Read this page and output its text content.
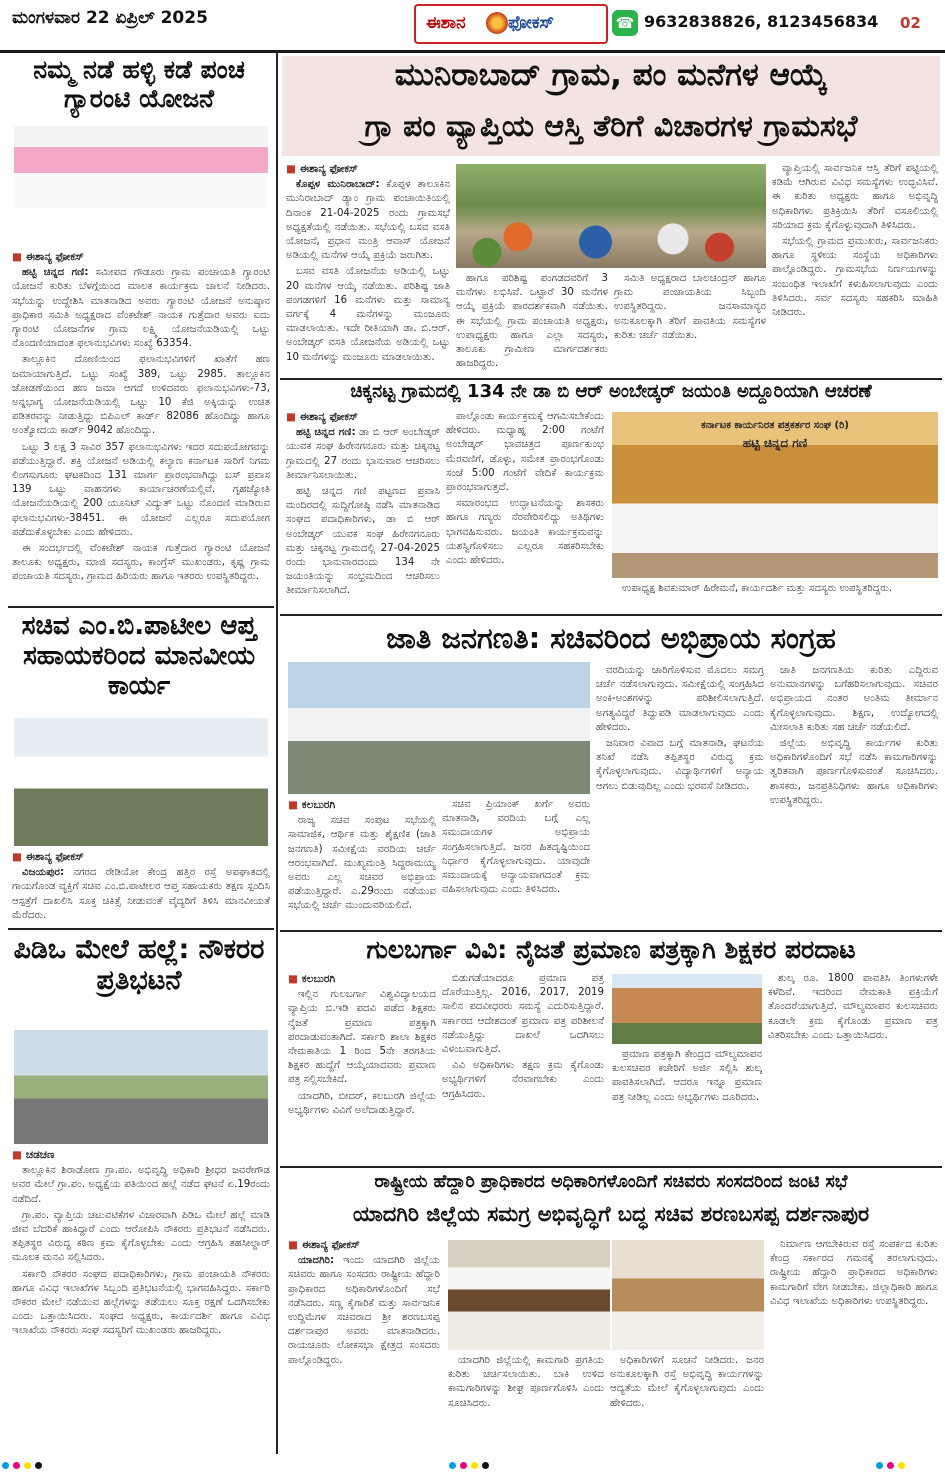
ಮಂಗಳವಾರ 22 ಏಪ್ರಿಲ್ 2025	ಈಶಾನ ಫೋಕಸ್	☎ 9632838826, 8123456834 02
ನಮ್ಮ ನಡೆ ಹಳ್ಳಿ ಕಡೆ ಪಂಚ ಗ್ಯಾರಂಟಿ ಯೋಜನೆ
■ ಈಶಾನ್ಯ ಫೋಕಸ್

ಹಟ್ಟಿ ಚಿನ್ನದ ಗಣಿ: ಸಮೀಪದ ಗೌಡೂರು ಗ್ರಾಮ ಪಂಚಾಯತಿ ಗ್ಯಾರಂಟಿ ಯೋಜನೆ ಕುರಿತು ಬೆಳಗ್ಗೆಯಿಂದ ಮಾಲಕ ಕಾರ್ಯಕ್ರಮ ಚಾಲನೆ ನೀಡಿದರು. ಸಭೆಯನ್ನು ಉದ್ದೇಶಿಸಿ ಮಾತನಾಡಿದ ಅವರು ಗ್ಯಾರಂಟಿ ಯೋಜನೆ ಅನುಷ್ಠಾನ ಪ್ರಾಧಿಕಾರ ಸಮಿತಿ ಅಧ್ಯಕ್ಷರಾದ ವೆಂಕಟೇಶ್ ನಾಯಕ ಗುತ್ತೆದಾರ ಅವರು ಐದು ಗ್ಯಾರಂಟಿ ಯೋಜನೆಗಳ ಗ್ರಾಮ ಲಕ್ಷ್ಮಿ ಯೋಜನೆಯಡಿಯಲ್ಲಿ ಒಟ್ಟು ನೊಂದಣಿಯಾದಂತ ಫಲಾನುಭವಿಗಳು ಸಂಖ್ಯೆ 63354.

ತಾಲ್ಲೂಕಿನ ದೋಣಿಯಿಂದ ಫಲಾನುಭವಿಗಳಿಗೆ ಖಾತೆಗೆ ಹಣ ಜಮಾಯಾಗುತ್ತಿದೆ. ಒಟ್ಟು ಸಂಖ್ಯೆ 389, ಒಟ್ಟು 2985. ತಾಲ್ಲೂಕಿನ ಜೋಡಣೆಯಿಂದ ಹಣ ಜಮಾ ಆಗದೆ ಉಳಿದವರು ಫಲಾನುಭವಿಗಳು-73, ಅನ್ನಭಾಗ್ಯ ಯೋಜನೆಯಡಿಯಲ್ಲಿ ಒಟ್ಟು 10 ಕೆಜಿ ಅಕ್ಕಿಯನ್ನು ಉಚಿತ ಪಡಿತರವನ್ನು ನೀಡುತ್ತಿದ್ದು ಬಿಪಿಎಲ್ ಕಾರ್ಡ್ 82086 ಹೊಂದಿದ್ದು ಹಾಗೂ ಅಂತ್ಯೋದಯ ಕಾರ್ಡ್ 9042 ಹೊಂದಿದ್ದು.

ಒಟ್ಟು 3 ಲಕ್ಷ 3 ಸಾವಿರ 357 ಫಲಾನುಭವಿಗಳು ಇದರ ಸದುಪಯೋಗವನ್ನು ಪಡೆಯುತ್ತಿದ್ದಾರೆ. ಶಕ್ತಿ ಯೋಜನೆ ಅಡಿಯಲ್ಲಿ ಕಲ್ಯಾಣ ಕರ್ನಾಟಕ ಸಾರಿಗೆ ನಿಗಮ ಲಿಂಗಸುಗೂರು ಘಟಕದಿಂದ 131 ಮಾರ್ಗ ಪ್ರಾರಂಭವಾಗಿದ್ದು ಬಸ್ ಪ್ರವಾಸ 139 ಒಟ್ಟು ವಾಹನಗಳು ಕಾರ್ಯಾಚರಣೆಯಲ್ಲಿವೆ. ಗೃಹಜ್ಯೋತಿ ಯೋಜನೆಯಡಿಯಲ್ಲಿ 200 ಯೂನಿಟ್ ವಿದ್ಯುತ್ ಒಟ್ಟು ನೊಂದಣಿ ಮಾಡಿರುವ ಫಲಾನುಭವಿಗಳು-38451. ಈ ಯೋಜನೆ ಎಲ್ಲರೂ ಸದುಪಯೋಗ ಪಡೆದುಕೊಳ್ಳಬೇಕು ಎಂದು ಹೇಳಿದರು.

ಈ ಸಂದರ್ಭದಲ್ಲಿ ವೆಂಕಟೇಶ್ ನಾಯಕ ಗುತ್ತೆದಾರ ಗ್ಯಾರಂಟಿ ಯೋಜನೆ ತಾಲೂಕು ಅಧ್ಯಕ್ಷರು, ಮಾಜಿ ಸದಸ್ಯರು, ಕಾಂಗ್ರೆಸ್ ಮುಖಂಡರು, ಕೃಷ್ಣ ಗ್ರಾಮ ಪಂಚಾಯತಿ ಸದಸ್ಯರು, ಗ್ರಾಮದ ಹಿರಿಯರು ಹಾಗೂ ಇತರರು ಉಪಸ್ಥಿತರಿದ್ದರು.

ಸಚಿವ ಎಂ.ಬಿ.ಪಾಟೀಲ ಆಪ್ತ ಸಹಾಯಕರಿಂದ ಮಾನವೀಯ ಕಾರ್ಯ
■ ಈಶಾನ್ಯ ಫೋಕಸ್

ವಿಜಯಪುರ: ನಗರದ ರೇಡಿಯೋ ಕೇಂದ್ರ ಹತ್ತಿರ ರಸ್ತೆ ಅಪಘಾತದಲ್ಲಿ ಗಾಯಗೊಂಡ ವ್ಯಕ್ತಿಗೆ ಸಚಿವ ಎಂ.ಬಿ.ಪಾಟೀಲರ ಆಪ್ತ ಸಹಾಯಕರು ತಕ್ಷಣ ಸ್ಪಂದಿಸಿ ಆಸ್ಪತ್ರೆಗೆ ದಾಖಲಿಸಿ ಸೂಕ್ತ ಚಿಕಿತ್ಸೆ ನೀಡುವಂತೆ ವೈದ್ಯರಿಗೆ ತಿಳಿಸಿ ಮಾನವೀಯತೆ ಮೆರೆದರು.

ಪಿಡಿಒ ಮೇಲೆ ಹಲ್ಲೆ: ನೌಕರರ ಪ್ರತಿಭಟನೆ
■ ಚಡಚಣ

ತಾಲ್ಲೂಕಿನ ಶಿರಾಡೋಣ ಗ್ರಾ.ಪಂ. ಅಭಿವೃದ್ಧಿ ಅಧಿಕಾರಿ ಶ್ರೀಧರ ಜವರೇಗೌಡ ಅವರ ಮೇಲೆ ಗ್ರಾ.ಪಂ. ಅಧ್ಯಕ್ಷೆಯ ಪತಿಯಿಂದ ಹಲ್ಲೆ ನಡೆದ ಘಟನೆ ಏ.19ರಂದು ನಡೆದಿದೆ.

ಗ್ರಾ.ಪಂ. ವ್ಯಾಪ್ತಿಯ ಚಟುವಟಿಕೆಗಳ ವಿಚಾರವಾಗಿ ಪಿಡಿಒ ಮೇಲೆ ಹಲ್ಲೆ ಮಾಡಿ ಜೀವ ಬೆದರಿಕೆ ಹಾಕಿದ್ದಾರೆ ಎಂದು ಆರೋಪಿಸಿ ನೌಕರರು ಪ್ರತಿಭಟನೆ ನಡೆಸಿದರು. ತಪ್ಪಿತಸ್ಥರ ವಿರುದ್ಧ ಕಠಿಣ ಕ್ರಮ ಕೈಗೊಳ್ಳಬೇಕು ಎಂದು ಆಗ್ರಹಿಸಿ ತಹಸೀಲ್ದಾರ್ ಮೂಲಕ ಮನವಿ ಸಲ್ಲಿಸಿದರು.

ಸರ್ಕಾರಿ ನೌಕರರ ಸಂಘದ ಪದಾಧಿಕಾರಿಗಳು, ಗ್ರಾಮ ಪಂಚಾಯತಿ ನೌಕರರು ಹಾಗೂ ವಿವಿಧ ಇಲಾಖೆಗಳ ಸಿಬ್ಬಂದಿ ಪ್ರತಿಭಟನೆಯಲ್ಲಿ ಭಾಗವಹಿಸಿದ್ದರು. ಸರ್ಕಾರಿ ನೌಕರರ ಮೇಲೆ ನಡೆಯುವ ಹಲ್ಲೆಗಳನ್ನು ತಡೆಯಲು ಸೂಕ್ತ ರಕ್ಷಣೆ ಒದಗಿಸಬೇಕು ಎಂದು ಒತ್ತಾಯಿಸಿದರು. ಸಂಘದ ಅಧ್ಯಕ್ಷರು, ಕಾರ್ಯದರ್ಶಿ ಹಾಗೂ ವಿವಿಧ ಇಲಾಖೆಯ ನೌಕರರು ಸಂಘ ಸದಸ್ಯರಿಗೆ ಮುಖಂಡರು ಹಾಜರಿದ್ದರು.

ಮುನಿರಾಬಾದ್ ಗ್ರಾಮ, ಪಂ ಮನೆಗಳ ಆಯ್ಕೆ
ಗ್ರಾ ಪಂ ವ್ಯಾಪ್ತಿಯ ಆಸ್ತಿ ತೆರಿಗೆ ವಿಚಾರಗಳ ಗ್ರಾಮಸಭೆ
■ ಈಶಾನ್ಯ ಫೋಕಸ್

ಕೊಪ್ಪಳ ಮುನಿರಾಬಾದ್: ಕೊಪ್ಪಳ ತಾಲೂಕಿನ ಮುನಿರಾಬಾದ್ ಡ್ಯಾಂ ಗ್ರಾಮ ಪಂಚಾಯಿತಿಯಲ್ಲಿ ದಿನಾಂಕ 21-04-2025 ರಂದು ಗ್ರಾಮಸಭೆ ಅಧ್ಯಕ್ಷತೆಯಲ್ಲಿ ನಡೆಯಿತು. ಸಭೆಯಲ್ಲಿ ಬಸವ ವಸತಿ ಯೋಜನೆ, ಪ್ರಧಾನ ಮಂತ್ರಿ ಆವಾಸ್ ಯೋಜನೆ ಅಡಿಯಲ್ಲಿ ಮನೆಗಳ ಆಯ್ಕೆ ಪ್ರಕ್ರಿಯೆ ಜರುಗಿತು.

ಬಸವ ವಸತಿ ಯೋಜನೆಯ ಅಡಿಯಲ್ಲಿ ಒಟ್ಟು 20 ಮನೆಗಳ ಆಯ್ಕೆ ನಡೆಯಿತು. ಪರಿಶಿಷ್ಟ ಜಾತಿ ಪಂಗಡಗಳಿಗೆ 16 ಮನೆಗಳು ಮತ್ತು ಸಾಮಾನ್ಯ ವರ್ಗಕ್ಕೆ 4 ಮನೆಗಳನ್ನು ಮಂಜೂರು ಮಾಡಲಾಯಿತು. ಇದೇ ರೀತಿಯಾಗಿ ಡಾ. ಬಿ.ಆರ್. ಅಂಬೇಡ್ಕರ್ ವಸತಿ ಯೋಜನೆಯ ಅಡಿಯಲ್ಲಿ ಒಟ್ಟು 10 ಮನೆಗಳನ್ನು ಮಂಜೂರು ಮಾಡಲಾಯಿತು.

ಹಾಗೂ ಪರಿಶಿಷ್ಟ ಪಂಗಡದವರಿಗೆ 3 ಮನೆಗಳು ಲಭಿಸಿವೆ. ಒಟ್ಟಾರೆ 30 ಮನೆಗಳ ಆಯ್ಕೆ ಪ್ರಕ್ರಿಯೆ ಪಾರದರ್ಶಕವಾಗಿ ನಡೆಯಿತು. ಈ ಸಭೆಯಲ್ಲಿ ಗ್ರಾಮ ಪಂಚಾಯತಿ ಅಧ್ಯಕ್ಷರು, ಉಪಾಧ್ಯಕ್ಷರು ಹಾಗೂ ಎಲ್ಲಾ ಸದಸ್ಯರು, ತಾಲೂಕು ಗ್ರಾಮೀಣ ಮಾರ್ಗದರ್ಶಕರು ಹಾಜರಿದ್ದರು.

ಸಮಿತಿ ಅಧ್ಯಕ್ಷರಾದ ಬಾಲಚಂದ್ರನ್ ಹಾಗೂ ಗ್ರಾಮ ಪಂಚಾಯತಿಯ ಸಿಬ್ಬಂದಿ ಉಪಸ್ಥಿತರಿದ್ದರು. ಜನಸಾಮಾನ್ಯರ ಅನುಕೂಲಕ್ಕಾಗಿ ತೆರಿಗೆ ಪಾವತಿಯ ಸಮಸ್ಯೆಗಳ ಕುರಿತು ಚರ್ಚೆ ನಡೆಯಿತು.

ವ್ಯಾಪ್ತಿಯಲ್ಲಿ ಸಾರ್ವಜನಿಕ ಆಸ್ತಿ ತೆರಿಗೆ ಪಟ್ಟಿಯಲ್ಲಿ ಕಡಿಮೆ ಆಗಿರುವ ವಿವಿಧ ಸಮಸ್ಯೆಗಳು ಉದ್ಭವಿಸಿವೆ. ಈ ಕುರಿತು ಅಧ್ಯಕ್ಷರು ಹಾಗೂ ಅಭಿವೃದ್ಧಿ ಅಧಿಕಾರಿಗಳು ಪ್ರತಿಕ್ರಿಯಿಸಿ ತೆರಿಗೆ ವಸೂಲಿಯಲ್ಲಿ ಸರಿಯಾದ ಕ್ರಮ ಕೈಗೊಳ್ಳುವುದಾಗಿ ತಿಳಿಸಿದರು.

ಸಭೆಯಲ್ಲಿ ಗ್ರಾಮದ ಪ್ರಮುಖರು, ಸಾರ್ವಜನಿಕರು ಹಾಗೂ ಸ್ಥಳೀಯ ಸಂಸ್ಥೆಯ ಅಧಿಕಾರಿಗಳು ಪಾಲ್ಗೊಂಡಿದ್ದರು. ಗ್ರಾಮಸಭೆಯ ನಿರ್ಣಯಗಳನ್ನು ಸಂಬಂಧಿತ ಇಲಾಖೆಗೆ ಕಳುಹಿಸಲಾಗುವುದು ಎಂದು ತಿಳಿಸಿದರು. ಸರ್ವ ಸದಸ್ಯರು ಸಹಕರಿಸಿ ಮಾಹಿತಿ ನೀಡಿದರು.

ಚಿಕ್ಕನಟ್ಟ ಗ್ರಾಮದಲ್ಲಿ 134 ನೇ ಡಾ ಬಿ ಆರ್ ಅಂಬೇಡ್ಕರ್ ಜಯಂತಿ ಅದ್ದೂರಿಯಾಗಿ ಆಚರಣೆ
■ ಈಶಾನ್ಯ ಫೋಕಸ್

ಹಟ್ಟಿ ಚಿನ್ನದ ಗಣಿ: ಡಾ ಬಿ ಆರ್ ಅಂಬೇಡ್ಕರ್ ಯುವಕ ಸಂಘ ಹಿರೇನಗನೂರು ಮತ್ತು ಚಿಕ್ಕನಟ್ಟ ಗ್ರಾಮದಲ್ಲಿ 27 ರಂದು ಭಾನುವಾರ ಆಚರಿಸಲು ತೀರ್ಮಾನಿಸಲಾಯಿತು.

ಹಟ್ಟಿ ಚಿನ್ನದ ಗಣಿ ಪಟ್ಟಣದ ಪ್ರವಾಸಿ ಮಂದಿರದಲ್ಲಿ ಸುದ್ದಿಗೋಷ್ಠಿ ನಡೆಸಿ ಮಾತನಾಡಿದ ಸಂಘದ ಪದಾಧಿಕಾರಿಗಳು, ಡಾ ಬಿ ಆರ್ ಅಂಬೇಡ್ಕರ್ ಯುವಕ ಸಂಘ ಹಿರೇನಗನೂರು ಮತ್ತು ಚಿಕ್ಕನಟ್ಟ ಗ್ರಾಮದಲ್ಲಿ 27-04-2025 ರಂದು ಭಾನುವಾರದಂದು 134 ನೇ ಜಯಂತಿಯನ್ನು ಸಂಭ್ರಮದಿಂದ ಆಚರಿಸಲು ತೀರ್ಮಾನಿಸಲಾಗಿದೆ.

ಪಾಲ್ಗೊಂಡು ಕಾರ್ಯಕ್ರಮಕ್ಕೆ ಆಗಮಿಸಬೇಕೆಂದು ಹೇಳಿದರು. ಮಧ್ಯಾಹ್ನ 2:00 ಗಂಟೆಗೆ ಅಂಬೇಡ್ಕರ್ ಭಾವಚಿತ್ರದ ಪೂರ್ಣಕುಂಭ ಮೆರವಣಿಗೆ, ಡೊಳ್ಳು, ಸಮೇತ ಪ್ರಾರಂಭಗೊಂಡು ಸಂಜೆ 5:00 ಗಂಟೆಗೆ ವೇದಿಕೆ ಕಾರ್ಯಕ್ರಮ ಪ್ರಾರಂಭವಾಗುತ್ತದೆ.

ಸಮಾರಂಭದ ಉದ್ಘಾಟನೆಯನ್ನು ಶಾಸಕರು ಹಾಗೂ ಗಣ್ಯರು ನೆರವೇರಿಸಲಿದ್ದು ಅತಿಥಿಗಳು ಭಾಗವಹಿಸುವರು. ಜಯಂತಿ ಕಾರ್ಯಕ್ರಮವನ್ನು ಯಶಸ್ವಿಗೊಳಿಸಲು ಎಲ್ಲರೂ ಸಹಕರಿಸಬೇಕು ಎಂದು ಹೇಳಿದರು.

ಕರ್ನಾಟಕ ಕಾರ್ಯನಿರತ ಪತ್ರಕರ್ತರ ಸಂಘ (ರಿ)
ಹಟ್ಟಿ ಚಿನ್ನದ ಗಣಿ

ಉಪಾಧ್ಯಕ್ಷ ಶಿವಕುಮಾರ್ ಹಿರೇಮನೆ, ಕಾರ್ಯದರ್ಶಿ ಮತ್ತು ಸದಸ್ಯರು ಉಪಸ್ಥಿತರಿದ್ದರು.

ಜಾತಿ ಜನಗಣತಿ: ಸಚಿವರಿಂದ ಅಭಿಪ್ರಾಯ ಸಂಗ್ರಹ
■ ಕಲಬುರಗಿ

ರಾಜ್ಯ ಸಚಿವ ಸಂಪುಟ ಸಭೆಯಲ್ಲಿ ಸಾಮಾಜಿಕ, ಆರ್ಥಿಕ ಮತ್ತು ಶೈಕ್ಷಣಿಕ (ಜಾತಿ ಜನಗಣತಿ) ಸಮೀಕ್ಷೆಯ ವರದಿಯ ಚರ್ಚೆ ಆರಂಭವಾಗಿದೆ. ಮುಖ್ಯಮಂತ್ರಿ ಸಿದ್ದರಾಮಯ್ಯ ಅವರು ಎಲ್ಲ ಸಚಿವರ ಅಭಿಪ್ರಾಯ ಪಡೆಯುತ್ತಿದ್ದಾರೆ. ಎ.29ರಂದು ನಡೆಯುವ ಸಭೆಯಲ್ಲಿ ಚರ್ಚೆ ಮುಂದುವರಿಯಲಿದೆ.

ಸಚಿವ ಪ್ರಿಯಾಂಕ್ ಖರ್ಗೆ ಅವರು ಮಾತನಾಡಿ, ವರದಿಯ ಬಗ್ಗೆ ಎಲ್ಲ ಸಮುದಾಯಗಳ ಅಭಿಪ್ರಾಯ ಸಂಗ್ರಹಿಸಲಾಗುತ್ತಿದೆ. ಜನರ ಹಿತದೃಷ್ಟಿಯಿಂದ ನಿರ್ಧಾರ ಕೈಗೊಳ್ಳಲಾಗುವುದು. ಯಾವುದೇ ಸಮುದಾಯಕ್ಕೆ ಅನ್ಯಾಯವಾಗದಂತೆ ಕ್ರಮ ವಹಿಸಲಾಗುವುದು ಎಂದು ತಿಳಿಸಿದರು.

ವರದಿಯನ್ನು ಜಾರಿಗೊಳಿಸುವ ಮೊದಲು ಸಮಗ್ರ ಚರ್ಚೆ ನಡೆಸಲಾಗುವುದು. ಸಮೀಕ್ಷೆಯಲ್ಲಿ ಸಂಗ್ರಹಿಸಿದ ಅಂಕಿ-ಅಂಶಗಳನ್ನು ಪರಿಶೀಲಿಸಲಾಗುತ್ತಿದೆ. ಅಗತ್ಯವಿದ್ದರೆ ತಿದ್ದುಪಡಿ ಮಾಡಲಾಗುವುದು ಎಂದು ಹೇಳಿದರು.

ಜನಿವಾರ ವಿವಾದ ಬಗ್ಗೆ ಮಾತನಾಡಿ, ಘಟನೆಯ ತನಿಖೆ ನಡೆಸಿ ತಪ್ಪಿತಸ್ಥರ ವಿರುದ್ಧ ಕ್ರಮ ಕೈಗೊಳ್ಳಲಾಗುವುದು. ವಿದ್ಯಾರ್ಥಿಗಳಿಗೆ ಅನ್ಯಾಯ ಆಗಲು ಬಿಡುವುದಿಲ್ಲ ಎಂದು ಭರವಸೆ ನೀಡಿದರು.

ಜಾತಿ ಜನಗಣತಿಯ ಕುರಿತು ಎದ್ದಿರುವ ಅನುಮಾನಗಳನ್ನು ಬಗೆಹರಿಸಲಾಗುವುದು. ಸಚಿವರ ಅಭಿಪ್ರಾಯದ ನಂತರ ಅಂತಿಮ ತೀರ್ಮಾನ ಕೈಗೊಳ್ಳಲಾಗುವುದು. ಶಿಕ್ಷಣ, ಉದ್ಯೋಗದಲ್ಲಿ ಮೀಸಲಾತಿ ಕುರಿತು ಸಹ ಚರ್ಚೆ ನಡೆಯಲಿದೆ.

ಜಿಲ್ಲೆಯ ಅಭಿವೃದ್ಧಿ ಕಾರ್ಯಗಳ ಕುರಿತು ಅಧಿಕಾರಿಗಳೊಂದಿಗೆ ಸಭೆ ನಡೆಸಿ ಕಾಮಗಾರಿಗಳನ್ನು ತ್ವರಿತವಾಗಿ ಪೂರ್ಣಗೊಳಿಸುವಂತೆ ಸೂಚಿಸಿದರು. ಶಾಸಕರು, ಜನಪ್ರತಿನಿಧಿಗಳು ಹಾಗೂ ಅಧಿಕಾರಿಗಳು ಉಪಸ್ಥಿತರಿದ್ದರು.

ಗುಲಬರ್ಗಾ ವಿವಿ: ನೈಜತೆ ಪ್ರಮಾಣ ಪತ್ರಕ್ಕಾಗಿ ಶಿಕ್ಷಕರ ಪರದಾಟ
■ ಕಲಬುರಗಿ

ಇಲ್ಲಿನ ಗುಲಬರ್ಗಾ ವಿಶ್ವವಿದ್ಯಾಲಯದ ವ್ಯಾಪ್ತಿಯ ಬಿ.ಇಡಿ ಪದವಿ ಪಡೆದ ಶಿಕ್ಷಕರು ನೈಜತೆ ಪ್ರಮಾಣ ಪತ್ರಕ್ಕಾಗಿ ಪರದಾಡುವಂತಾಗಿದೆ. ಸರ್ಕಾರಿ ಶಾಲಾ ಶಿಕ್ಷಕರ ನೇಮಕಾತಿಯ 1 ರಿಂದ 5ನೇ ತರಗತಿಯ ಶಿಕ್ಷಕರ ಹುದ್ದೆಗೆ ಆಯ್ಕೆಯಾದವರು ಪ್ರಮಾಣ ಪತ್ರ ಸಲ್ಲಿಸಬೇಕಿದೆ.

ಯಾದಗಿರಿ, ಬೀದರ್, ಕಲಬುರಗಿ ಜಿಲ್ಲೆಯ ಅಭ್ಯರ್ಥಿಗಳು ವಿವಿಗೆ ಅಲೆದಾಡುತ್ತಿದ್ದಾರೆ.

ಬಿಡುಗಡೆಯಾದರೂ ಪ್ರಮಾಣ ಪತ್ರ ದೊರೆಯುತ್ತಿಲ್ಲ. 2016, 2017, 2019 ಸಾಲಿನ ಪದವೀಧರರು ಸಮಸ್ಯೆ ಎದುರಿಸುತ್ತಿದ್ದಾರೆ. ಸರ್ಕಾರದ ಆದೇಶದಂತೆ ಪ್ರಮಾಣ ಪತ್ರ ಪರಿಶೀಲನೆ ನಡೆಯುತ್ತಿದ್ದು ದಾಖಲೆ ಒದಗಿಸಲು ವಿಳಂಬವಾಗುತ್ತಿದೆ.

ವಿವಿ ಅಧಿಕಾರಿಗಳು ತಕ್ಷಣ ಕ್ರಮ ಕೈಗೊಂಡು ಅಭ್ಯರ್ಥಿಗಳಿಗೆ ನೆರವಾಗಬೇಕು ಎಂದು ಆಗ್ರಹಿಸಿದರು.

ಪ್ರಮಾಣ ಪತ್ರಕ್ಕಾಗಿ ಕೇಂದ್ರದ ಮೌಲ್ಯಮಾಪನ ಕುಲಸಚಿವರ ಕಚೇರಿಗೆ ಅರ್ಜಿ ಸಲ್ಲಿಸಿ ಶುಲ್ಕ ಪಾವತಿಸಲಾಗಿದೆ. ಆದರೂ ಇನ್ನೂ ಪ್ರಮಾಣ ಪತ್ರ ನೀಡಿಲ್ಲ ಎಂದು ಅಭ್ಯರ್ಥಿಗಳು ದೂರಿದರು.

ಶುಲ್ಕ ರೂ. 1800 ಪಾವತಿಸಿ ತಿಂಗಳುಗಳೇ ಕಳೆದಿವೆ. ಇದರಿಂದ ನೇಮಕಾತಿ ಪ್ರಕ್ರಿಯೆಗೆ ತೊಂದರೆಯಾಗುತ್ತಿದೆ. ಮೌಲ್ಯಮಾಪನ ಕುಲಸಚಿವರು ಕೂಡಲೇ ಕ್ರಮ ಕೈಗೊಂಡು ಪ್ರಮಾಣ ಪತ್ರ ವಿತರಿಸಬೇಕು ಎಂದು ಒತ್ತಾಯಿಸಿದರು.

ರಾಷ್ಟ್ರೀಯ ಹೆದ್ದಾರಿ ಪ್ರಾಧಿಕಾರದ ಅಧಿಕಾರಿಗಳೊಂದಿಗೆ ಸಚಿವರು ಸಂಸದರಿಂದ ಜಂಟಿ ಸಭೆ
ಯಾದಗಿರಿ ಜಿಲ್ಲೆಯ ಸಮಗ್ರ ಅಭಿವೃದ್ಧಿಗೆ ಬದ್ಧ ಸಚಿವ ಶರಣಬಸಪ್ಪ ದರ್ಶನಾಪುರ
■ ಈಶಾನ್ಯ ಫೋಕಸ್

ಯಾದಗಿರಿ: ಇಂದು ಯಾದಗಿರಿ ಜಿಲ್ಲೆಯ ಸಚಿವರು ಹಾಗೂ ಸಂಸದರು ರಾಷ್ಟ್ರೀಯ ಹೆದ್ದಾರಿ ಪ್ರಾಧಿಕಾರದ ಅಧಿಕಾರಿಗಳೊಂದಿಗೆ ಸಭೆ ನಡೆಸಿದರು. ಸಣ್ಣ ಕೈಗಾರಿಕೆ ಮತ್ತು ಸಾರ್ವಜನಿಕ ಉದ್ದಿಮೆಗಳ ಸಚಿವರಾದ ಶ್ರೀ ಶರಣಬಸಪ್ಪ ದರ್ಶನಾಪುರ ಅವರು ಮಾತನಾಡಿದರು. ರಾಯಚೂರು ಲೋಕಸಭಾ ಕ್ಷೇತ್ರದ ಸಂಸದರು ಪಾಲ್ಗೊಂಡಿದ್ದರು.	ಯಾದಗಿರಿ ಜಿಲ್ಲೆಯಲ್ಲಿ ಕಾಮಗಾರಿ ಪ್ರಗತಿಯ ಕುರಿತು ಚರ್ಚಿಸಲಾಯಿತು. ಬಾಕಿ ಉಳಿದ ಕಾಮಗಾರಿಗಳನ್ನು ಶೀಘ್ರ ಪೂರ್ಣಗೊಳಿಸಿ ಎಂದು ಸೂಚಿಸಿದರು.

ಅಧಿಕಾರಿಗಳಿಗೆ ಸೂಚನೆ ನೀಡಿದರು. ಜನರ ಅನುಕೂಲಕ್ಕಾಗಿ ರಸ್ತೆ ಅಭಿವೃದ್ಧಿ ಕಾರ್ಯಗಳನ್ನು ಆದ್ಯತೆಯ ಮೇಲೆ ಕೈಗೊಳ್ಳಲಾಗುವುದು ಎಂದು ಹೇಳಿದರು.

ನಿರ್ಮಾಣ ಆಗಬೇಕಿರುವ ರಸ್ತೆ ಸಂಪರ್ಕದ ಕುರಿತು ಕೇಂದ್ರ ಸರ್ಕಾರದ ಗಮನಕ್ಕೆ ತರಲಾಗುವುದು. ರಾಷ್ಟ್ರೀಯ ಹೆದ್ದಾರಿ ಪ್ರಾಧಿಕಾರದ ಅಧಿಕಾರಿಗಳು ಕಾಮಗಾರಿಗೆ ವೇಗ ನೀಡಬೇಕು. ಜಿಲ್ಲಾಧಿಕಾರಿ ಹಾಗೂ ವಿವಿಧ ಇಲಾಖೆಯ ಅಧಿಕಾರಿಗಳು ಉಪಸ್ಥಿತರಿದ್ದರು.
